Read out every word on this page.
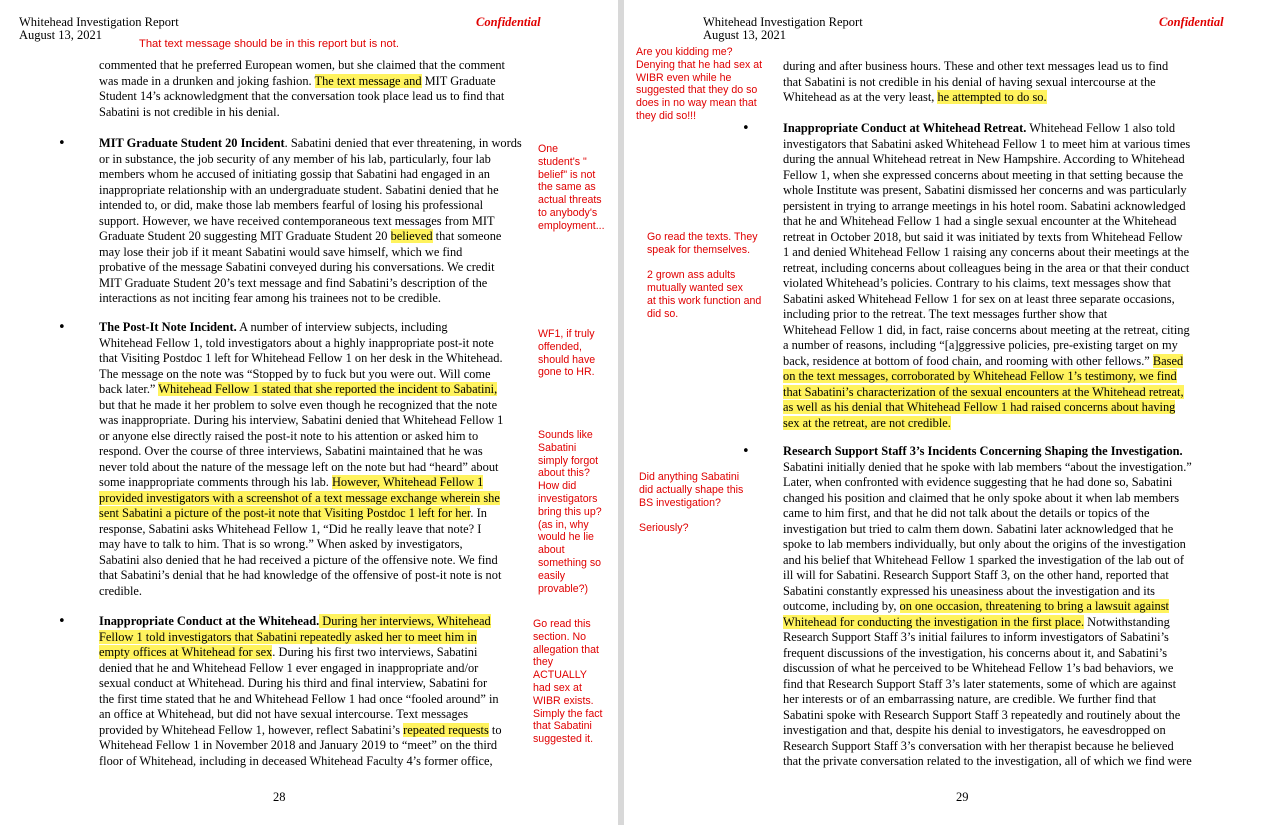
Whitehead Investigation Report
August 13, 2021
Confidential
That text message should be in this report but is not.
commented that he preferred European women, but she claimed that the comment
was made in a drunken and joking fashion. The text message and MIT Graduate
Student 14’s acknowledgment that the conversation took place lead us to find that
Sabatini is not credible in his denial.
•	MIT Graduate Student 20 Incident. Sabatini denied that ever threatening, in words
or in substance, the job security of any member of his lab, particularly, four lab
members whom he accused of initiating gossip that Sabatini had engaged in an
inappropriate relationship with an undergraduate student. Sabatini denied that he
intended to, or did, make those lab members fearful of losing his professional
support. However, we have received contemporaneous text messages from MIT
Graduate Student 20 suggesting MIT Graduate Student 20 believed that someone
may lose their job if it meant Sabatini would save himself, which we find
probative of the message Sabatini conveyed during his conversations. We credit
MIT Graduate Student 20’s text message and find Sabatini’s description of the
interactions as not inciting fear among his trainees not to be credible.
•	The Post-It Note Incident. A number of interview subjects, including
Whitehead Fellow 1, told investigators about a highly inappropriate post-it note
that Visiting Postdoc 1 left for Whitehead Fellow 1 on her desk in the Whitehead.
The message on the note was “Stopped by to fuck but you were out. Will come
back later.” Whitehead Fellow 1 stated that she reported the incident to Sabatini,
but that he made it her problem to solve even though he recognized that the note
was inappropriate. During his interview, Sabatini denied that Whitehead Fellow 1
or anyone else directly raised the post-it note to his attention or asked him to
respond. Over the course of three interviews, Sabatini maintained that he was
never told about the nature of the message left on the note but had “heard” about
some inappropriate comments through his lab. However, Whitehead Fellow 1
provided investigators with a screenshot of a text message exchange wherein she
sent Sabatini a picture of the post-it note that Visiting Postdoc 1 left for her. In
response, Sabatini asks Whitehead Fellow 1, “Did he really leave that note? I
may have to talk to him. That is so wrong.” When asked by investigators,
Sabatini also denied that he had received a picture of the offensive note. We find
that Sabatini’s denial that he had knowledge of the offensive of post-it note is not
credible.
•	Inappropriate Conduct at the Whitehead. During her interviews, Whitehead
Fellow 1 told investigators that Sabatini repeatedly asked her to meet him in
empty offices at Whitehead for sex. During his first two interviews, Sabatini
denied that he and Whitehead Fellow 1 ever engaged in inappropriate and/or
sexual conduct at Whitehead. During his third and final interview, Sabatini for
the first time stated that he and Whitehead Fellow 1 had once “fooled around” in
an office at Whitehead, but did not have sexual intercourse. Text messages
provided by Whitehead Fellow 1, however, reflect Sabatini’s repeated requests to
Whitehead Fellow 1 in November 2018 and January 2019 to “meet” on the third
floor of Whitehead, including in deceased Whitehead Faculty 4’s former office,
One
student's "
belief" is not
the same as
actual threats
to anybody's
employment...
WF1, if truly
offended,
should have
gone to HR.
Sounds like
Sabatini
simply forgot
about this?
How did
investigators
bring this up?
(as in, why
would he lie
about
something so
easily
provable?)
Go read this
section. No
allegation that
they
ACTUALLY
had sex at
WIBR exists.
Simply the fact
that Sabatini
suggested it.
28
Whitehead Investigation Report
August 13, 2021
Confidential
Are you kidding me?
Denying that he had sex at
WIBR even while he
suggested that they do so
does in no way mean that
they did so!!!
during and after business hours. These and other text messages lead us to find
that Sabatini is not credible in his denial of having sexual intercourse at the
Whitehead as at the very least, he attempted to do so.
•	Inappropriate Conduct at Whitehead Retreat. Whitehead Fellow 1 also told
investigators that Sabatini asked Whitehead Fellow 1 to meet him at various times
during the annual Whitehead retreat in New Hampshire. According to Whitehead
Fellow 1, when she expressed concerns about meeting in that setting because the
whole Institute was present, Sabatini dismissed her concerns and was particularly
persistent in trying to arrange meetings in his hotel room. Sabatini acknowledged
that he and Whitehead Fellow 1 had a single sexual encounter at the Whitehead
retreat in October 2018, but said it was initiated by texts from Whitehead Fellow
1 and denied Whitehead Fellow 1 raising any concerns about their meetings at the
retreat, including concerns about colleagues being in the area or that their conduct
violated Whitehead’s policies. Contrary to his claims, text messages show that
Sabatini asked Whitehead Fellow 1 for sex on at least three separate occasions,
including prior to the retreat. The text messages further show that
Whitehead Fellow 1 did, in fact, raise concerns about meeting at the retreat, citing
a number of reasons, including “[a]ggressive policies, pre-existing target on my
back, residence at bottom of food chain, and rooming with other fellows.” Based
on the text messages, corroborated by Whitehead Fellow 1’s testimony, we find
that Sabatini’s characterization of the sexual encounters at the Whitehead retreat,
as well as his denial that Whitehead Fellow 1 had raised concerns about having
sex at the retreat, are not credible.
Go read the texts. They
speak for themselves.
2 grown ass adults
mutually wanted sex
at this work function and
did so.
•	Research Support Staff 3’s Incidents Concerning Shaping the Investigation.
Sabatini initially denied that he spoke with lab members “about the investigation.”
Later, when confronted with evidence suggesting that he had done so, Sabatini
changed his position and claimed that he only spoke about it when lab members
came to him first, and that he did not talk about the details or topics of the
investigation but tried to calm them down. Sabatini later acknowledged that he
spoke to lab members individually, but only about the origins of the investigation
and his belief that Whitehead Fellow 1 sparked the investigation of the lab out of
ill will for Sabatini. Research Support Staff 3, on the other hand, reported that
Sabatini constantly expressed his uneasiness about the investigation and its
outcome, including by, on one occasion, threatening to bring a lawsuit against
Whitehead for conducting the investigation in the first place. Notwithstanding
Research Support Staff 3’s initial failures to inform investigators of Sabatini’s
frequent discussions of the investigation, his concerns about it, and Sabatini’s
discussion of what he perceived to be Whitehead Fellow 1’s bad behaviors, we
find that Research Support Staff 3’s later statements, some of which are against
her interests or of an embarrassing nature, are credible. We further find that
Sabatini spoke with Research Support Staff 3 repeatedly and routinely about the
investigation and that, despite his denial to investigators, he eavesdropped on
Research Support Staff 3’s conversation with her therapist because he believed
that the private conversation related to the investigation, all of which we find were
Did anything Sabatini
did actually shape this
BS investigation?
Seriously?
29
